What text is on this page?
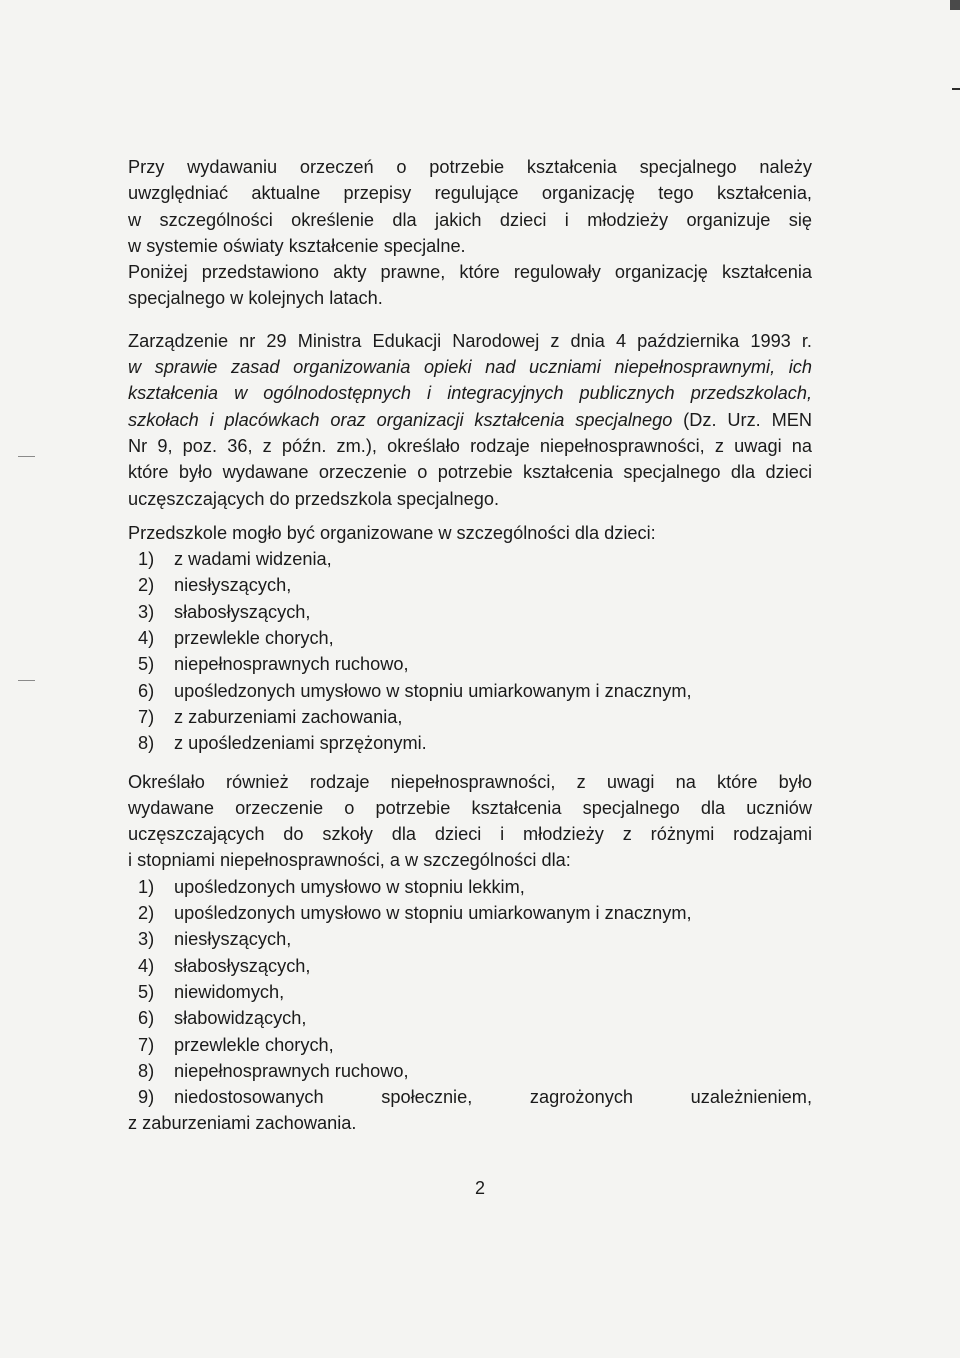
Przy wydawaniu orzeczeń o potrzebie kształcenia specjalnego należy

uwzględniać aktualne przepisy regulujące organizację tego kształcenia,

w szczególności określenie dla jakich dzieci i młodzieży organizuje się

w systemie oświaty kształcenie specjalne.

Poniżej przedstawiono akty prawne, które regulowały organizację kształcenia

specjalnego w kolejnych latach.

Zarządzenie nr 29 Ministra Edukacji Narodowej z dnia 4 października 1993 r.

w sprawie zasad organizowania opieki nad uczniami niepełnosprawnymi, ich

kształcenia w ogólnodostępnych i integracyjnych publicznych przedszkolach,

szkołach i placówkach oraz organizacji kształcenia specjalnego (Dz. Urz. MEN

Nr 9, poz. 36, z późn. zm.), określało rodzaje niepełnosprawności, z uwagi na

które było wydawane orzeczenie o potrzebie kształcenia specjalnego dla dzieci

uczęszczających do przedszkola specjalnego.

Przedszkole mogło być organizowane w szczególności dla dzieci:

1)	z wadami widzenia,
2)	niesłyszących,
3)	słabosłyszących,
4)	przewlekle chorych,
5)	niepełnosprawnych ruchowo,
6)	upośledzonych umysłowo w stopniu umiarkowanym i znacznym,
7)	z zaburzeniami zachowania,
8)	z upośledzeniami sprzężonymi.

Określało również rodzaje niepełnosprawności, z uwagi na które było

wydawane orzeczenie o potrzebie kształcenia specjalnego dla uczniów

uczęszczających do szkoły dla dzieci i młodzieży z różnymi rodzajami

i stopniami niepełnosprawności, a w szczególności dla:

1)	upośledzonych umysłowo w stopniu lekkim,
2)	upośledzonych umysłowo w stopniu umiarkowanym i znacznym,
3)	niesłyszących,
4)	słabosłyszących,
5)	niewidomych,
6)	słabowidzących,
7)	przewlekle chorych,
8)	niepełnosprawnych ruchowo,
9)	niedostosowanych społecznie, zagrożonych uzależnieniem,

z zaburzeniami zachowania.

2
